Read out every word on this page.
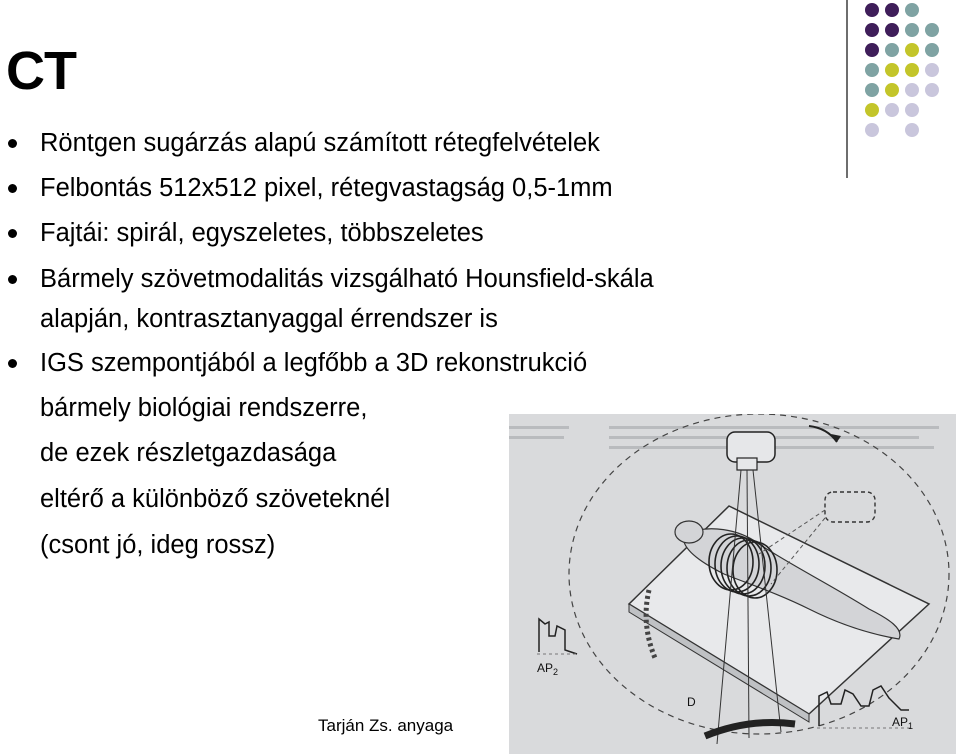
CT
Röntgen sugárzás alapú számított rétegfelvételek
Felbontás 512x512 pixel, rétegvastagság 0,5-1mm
Fajtái: spirál, egyszeletes, többszeletes
Bármely szövetmodalitás vizsgálható Hounsfield-skála
alapján, kontrasztanyaggal érrendszer is
IGS szempontjából a legfőbb a 3D rekonstrukció
bármely biológiai rendszerre,
de ezek részletgazdasága
eltérő a különböző szöveteknél
(csont jó, ideg rossz)
$AP_2$
$AP_1$
D
Tarján Zs. anyaga
